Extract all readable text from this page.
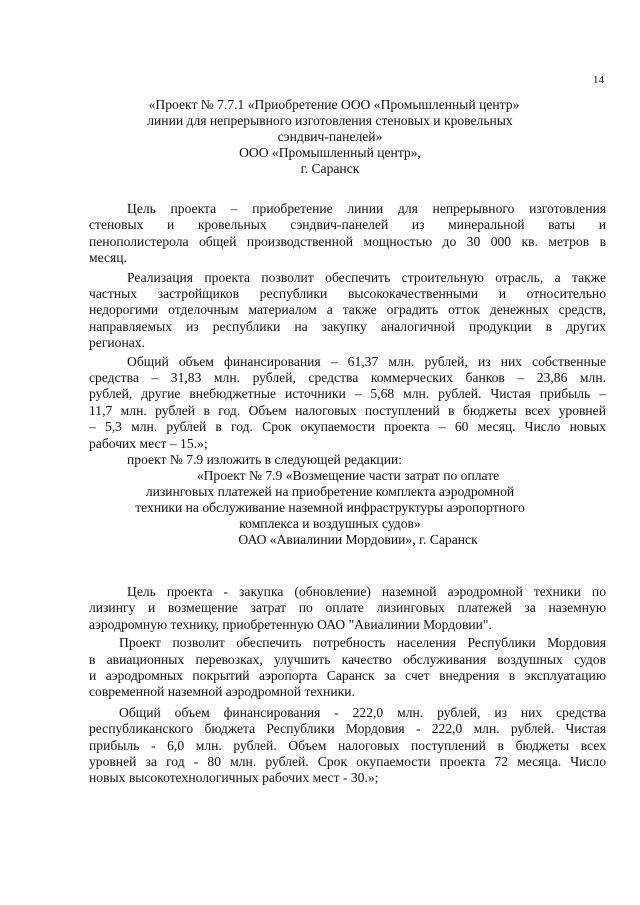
14

«Проект № 7.7.1 «Приобретение ООО «Промышленный центр»

линии для непрерывного изготовления стеновых и кровельных

сэндвич-панелей»

ООО «Промышленный центр»,

г. Саранск

Цель проекта – приобретение линии для непрерывного изготовления
стеновых и кровельных сэндвич-панелей из минеральной ваты и
пенополистерола общей производственной мощностью до 30 000 кв. метров в
месяц.
Реализация проекта позволит обеспечить строительную отрасль, а также
частных застройщиков республики высококачественными и относительно
недорогими отделочным материалом а также оградить отток денежных средств,
направляемых из республики на закупку аналогичной продукции в других
регионах.
Общий объем финансирования – 61,37 млн. рублей, из них собственные
средства – 31,83 млн. рублей, средства коммерческих банков – 23,86 млн.
рублей, другие внебюджетные источники – 5,68 млн. рублей. Чистая прибыль –
11,7 млн. рублей в год. Объем налоговых поступлений в бюджеты всех уровней
– 5,3 млн. рублей в год. Срок окупаемости проекта – 60 месяц. Число новых
рабочих мест – 15.»;

проект № 7.9 изложить в следующей редакции:

«Проект № 7.9 «Возмещение части затрат по оплате

лизинговых платежей на приобретение комплекта аэродромной

техники на обслуживание наземной инфраструктуры аэропортного

комплекса и воздушных судов»

ОАО «Авиалинии Мордовии», г. Саранск

Цель проекта - закупка (обновление) наземной аэродромной техники по
лизингу и возмещение затрат по оплате лизинговых платежей за наземную
аэродромную технику, приобретенную ОАО "Авиалинии Мордовии".
Проект позволит обеспечить потребность населения Республики Мордовия
в авиационных перевозках, улучшить качество обслуживания воздушных судов
и аэродромных покрытий аэропорта Саранск за счет внедрения в эксплуатацию
современной наземной аэродромной техники.
Общий объем финансирования - 222,0 млн. рублей, из них средства
республиканского бюджета Республики Мордовия - 222,0 млн. рублей. Чистая
прибыль - 6,0 млн. рублей. Объем налоговых поступлений в бюджеты всех
уровней за год - 80 млн. рублей. Срок окупаемости проекта 72 месяца. Число
новых высокотехнологичных рабочих мест - 30.»;
